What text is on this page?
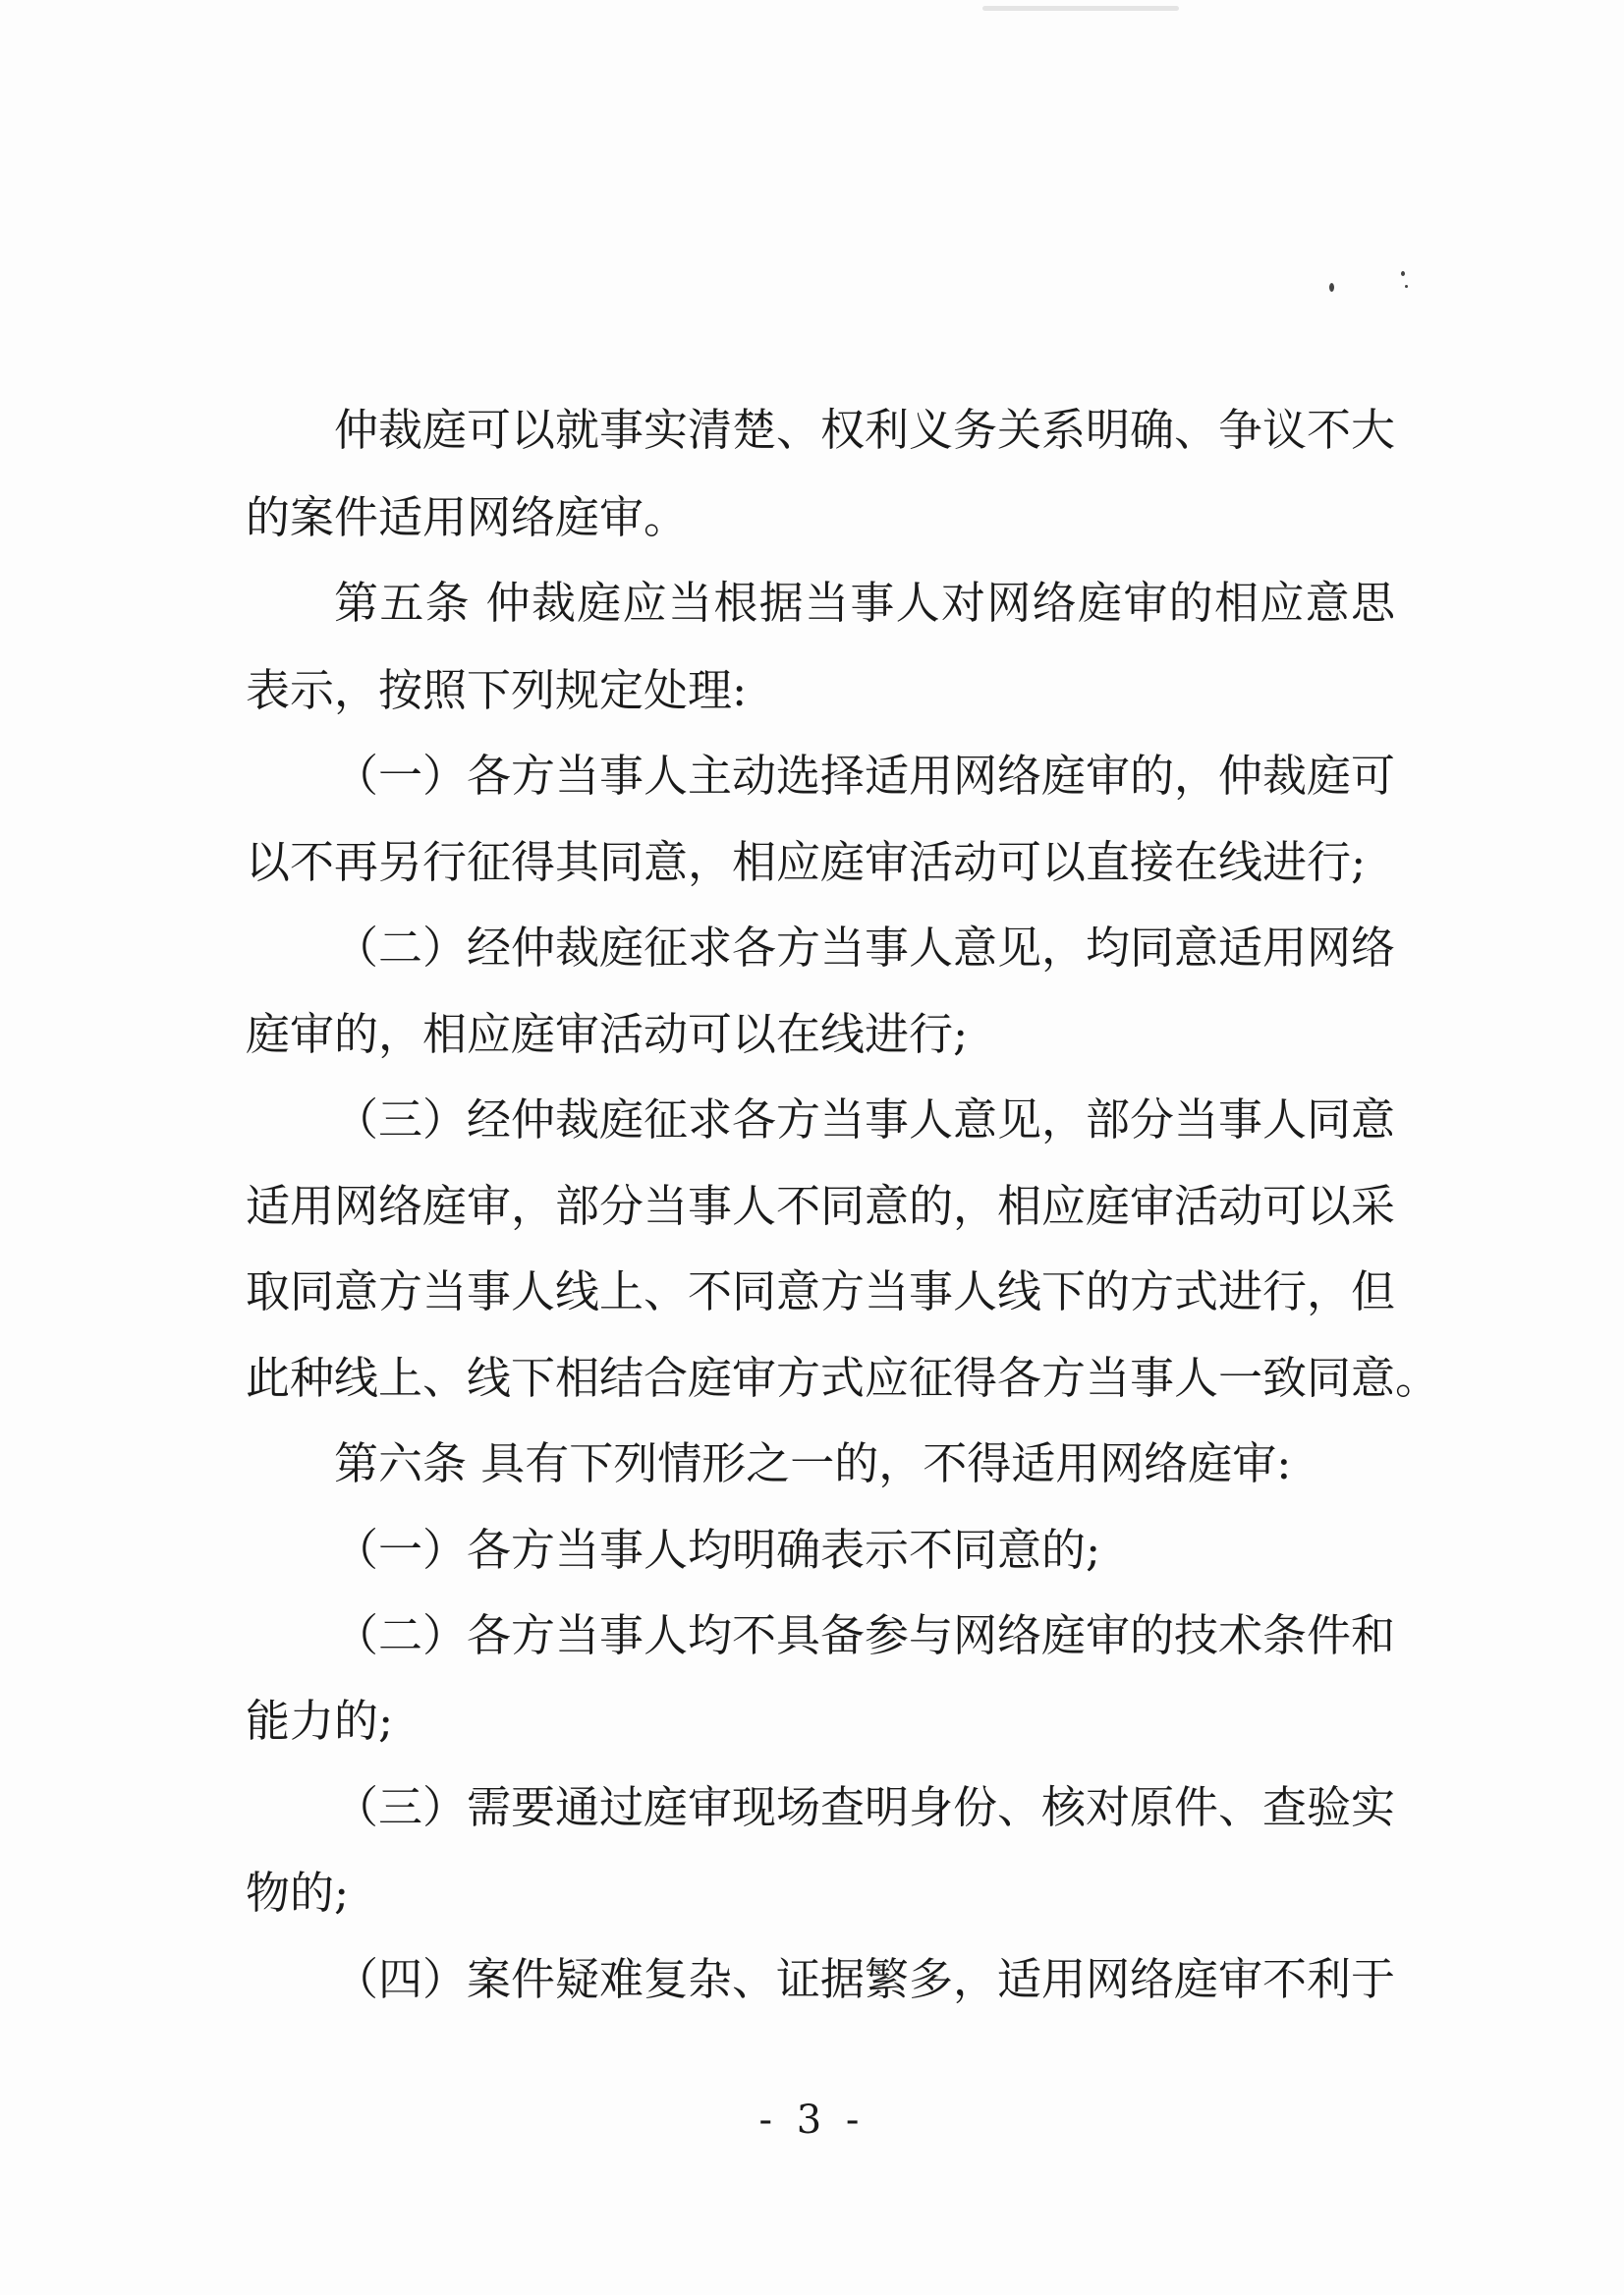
仲裁庭可以就事实清楚、权利义务关系明确、争议不大
的案件适用网络庭审。
第五条 仲裁庭应当根据当事人对网络庭审的相应意思
表示，按照下列规定处理:
（一）各方当事人主动选择适用网络庭审的，仲裁庭可
以不再另行征得其同意，相应庭审活动可以直接在线进行;
（二）经仲裁庭征求各方当事人意见，均同意适用网络
庭审的，相应庭审活动可以在线进行;
（三）经仲裁庭征求各方当事人意见，部分当事人同意
适用网络庭审，部分当事人不同意的，相应庭审活动可以采
取同意方当事人线上、不同意方当事人线下的方式进行，但
此种线上、线下相结合庭审方式应征得各方当事人一致同意。
第六条 具有下列情形之一的，不得适用网络庭审:
（一）各方当事人均明确表示不同意的;
（二）各方当事人均不具备参与网络庭审的技术条件和
能力的;
（三）需要通过庭审现场查明身份、核对原件、查验实
物的;
（四）案件疑难复杂、证据繁多，适用网络庭审不利于
- 3 -
